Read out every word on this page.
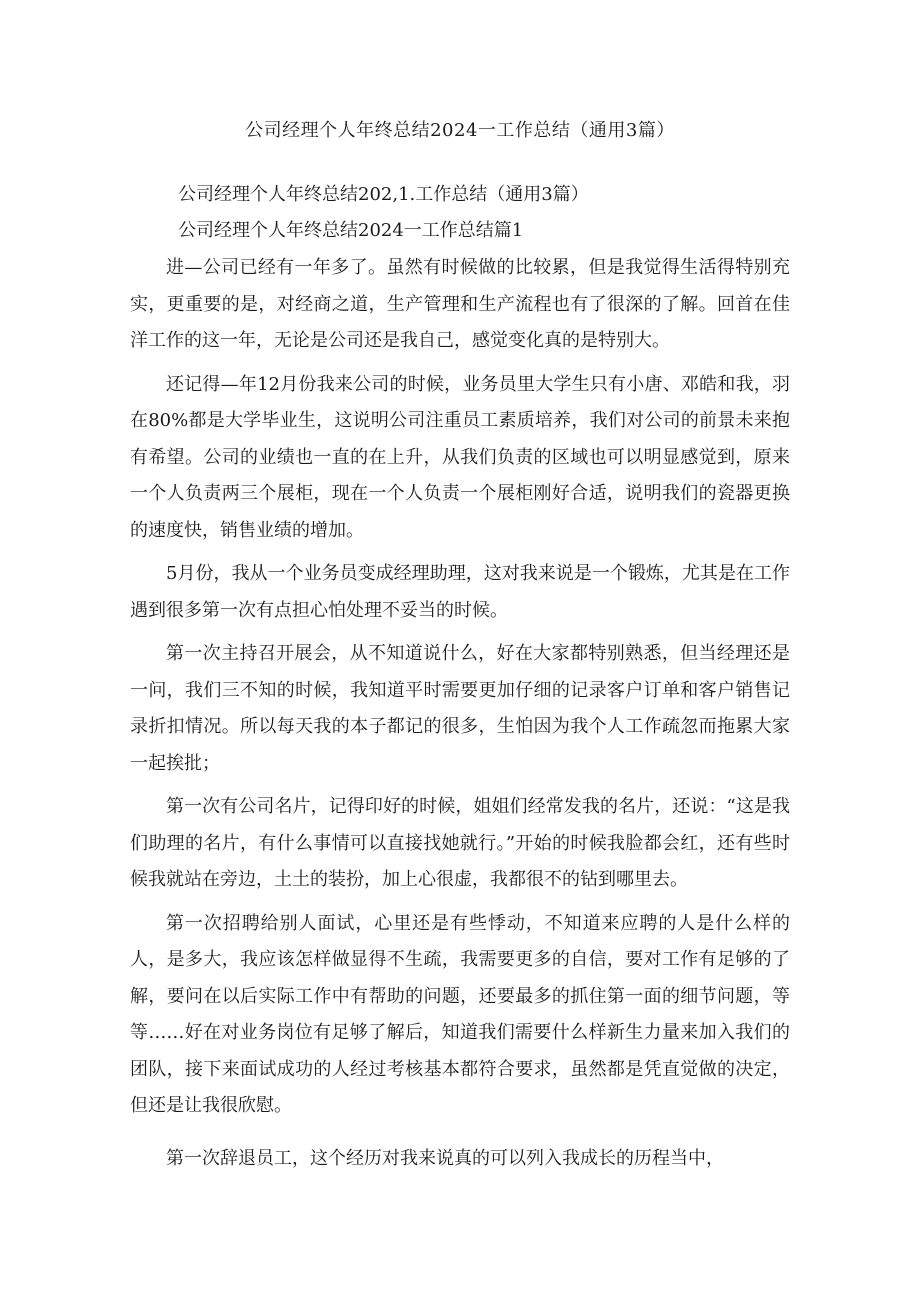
公司经理个人年终总结2024一工作总结（通用3篇）
公司经理个人年终总结202,1.工作总结（通用3篇）
公司经理个人年终总结2024一工作总结篇1

进—公司已经有一年多了。虽然有时候做的比较累，但是我觉得生活得特别充实，更重要的是，对经商之道，生产管理和生产流程也有了很深的了解。回首在佳洋工作的这一年，无论是公司还是我自己，感觉变化真的是特别大。

还记得—年12月份我来公司的时候，业务员里大学生只有小唐、邓皓和我，羽在80%都是大学毕业生，这说明公司注重员工素质培养，我们对公司的前景未来抱有希望。公司的业绩也一直的在上升，从我们负责的区域也可以明显感觉到，原来一个人负责两三个展柜，现在一个人负责一个展柜刚好合适，说明我们的瓷器更换的速度快，销售业绩的增加。

5月份，我从一个业务员变成经理助理，这对我来说是一个锻炼，尤其是在工作遇到很多第一次有点担心怕处理不妥当的时候。

第一次主持召开展会，从不知道说什么，好在大家都特别熟悉，但当经理还是一问，我们三不知的时候，我知道平时需要更加仔细的记录客户订单和客户销售记录折扣情况。所以每天我的本子都记的很多，生怕因为我个人工作疏忽而拖累大家一起挨批；

第一次有公司名片，记得印好的时候，姐姐们经常发我的名片，还说：“这是我们助理的名片，有什么事情可以直接找她就行。”开始的时候我脸都会红，还有些时候我就站在旁边，土土的装扮，加上心很虚，我都很不的钻到哪里去。

第一次招聘给别人面试，心里还是有些悸动，不知道来应聘的人是什么样的人，是多大，我应该怎样做显得不生疏，我需要更多的自信，要对工作有足够的了解，要问在以后实际工作中有帮助的问题，还要最多的抓住第一面的细节问题，等等……好在对业务岗位有足够了解后，知道我们需要什么样新生力量来加入我们的团队，接下来面试成功的人经过考核基本都符合要求，虽然都是凭直觉做的决定，但还是让我很欣慰。

第一次辞退员工，这个经历对我来说真的可以列入我成长的历程当中，
